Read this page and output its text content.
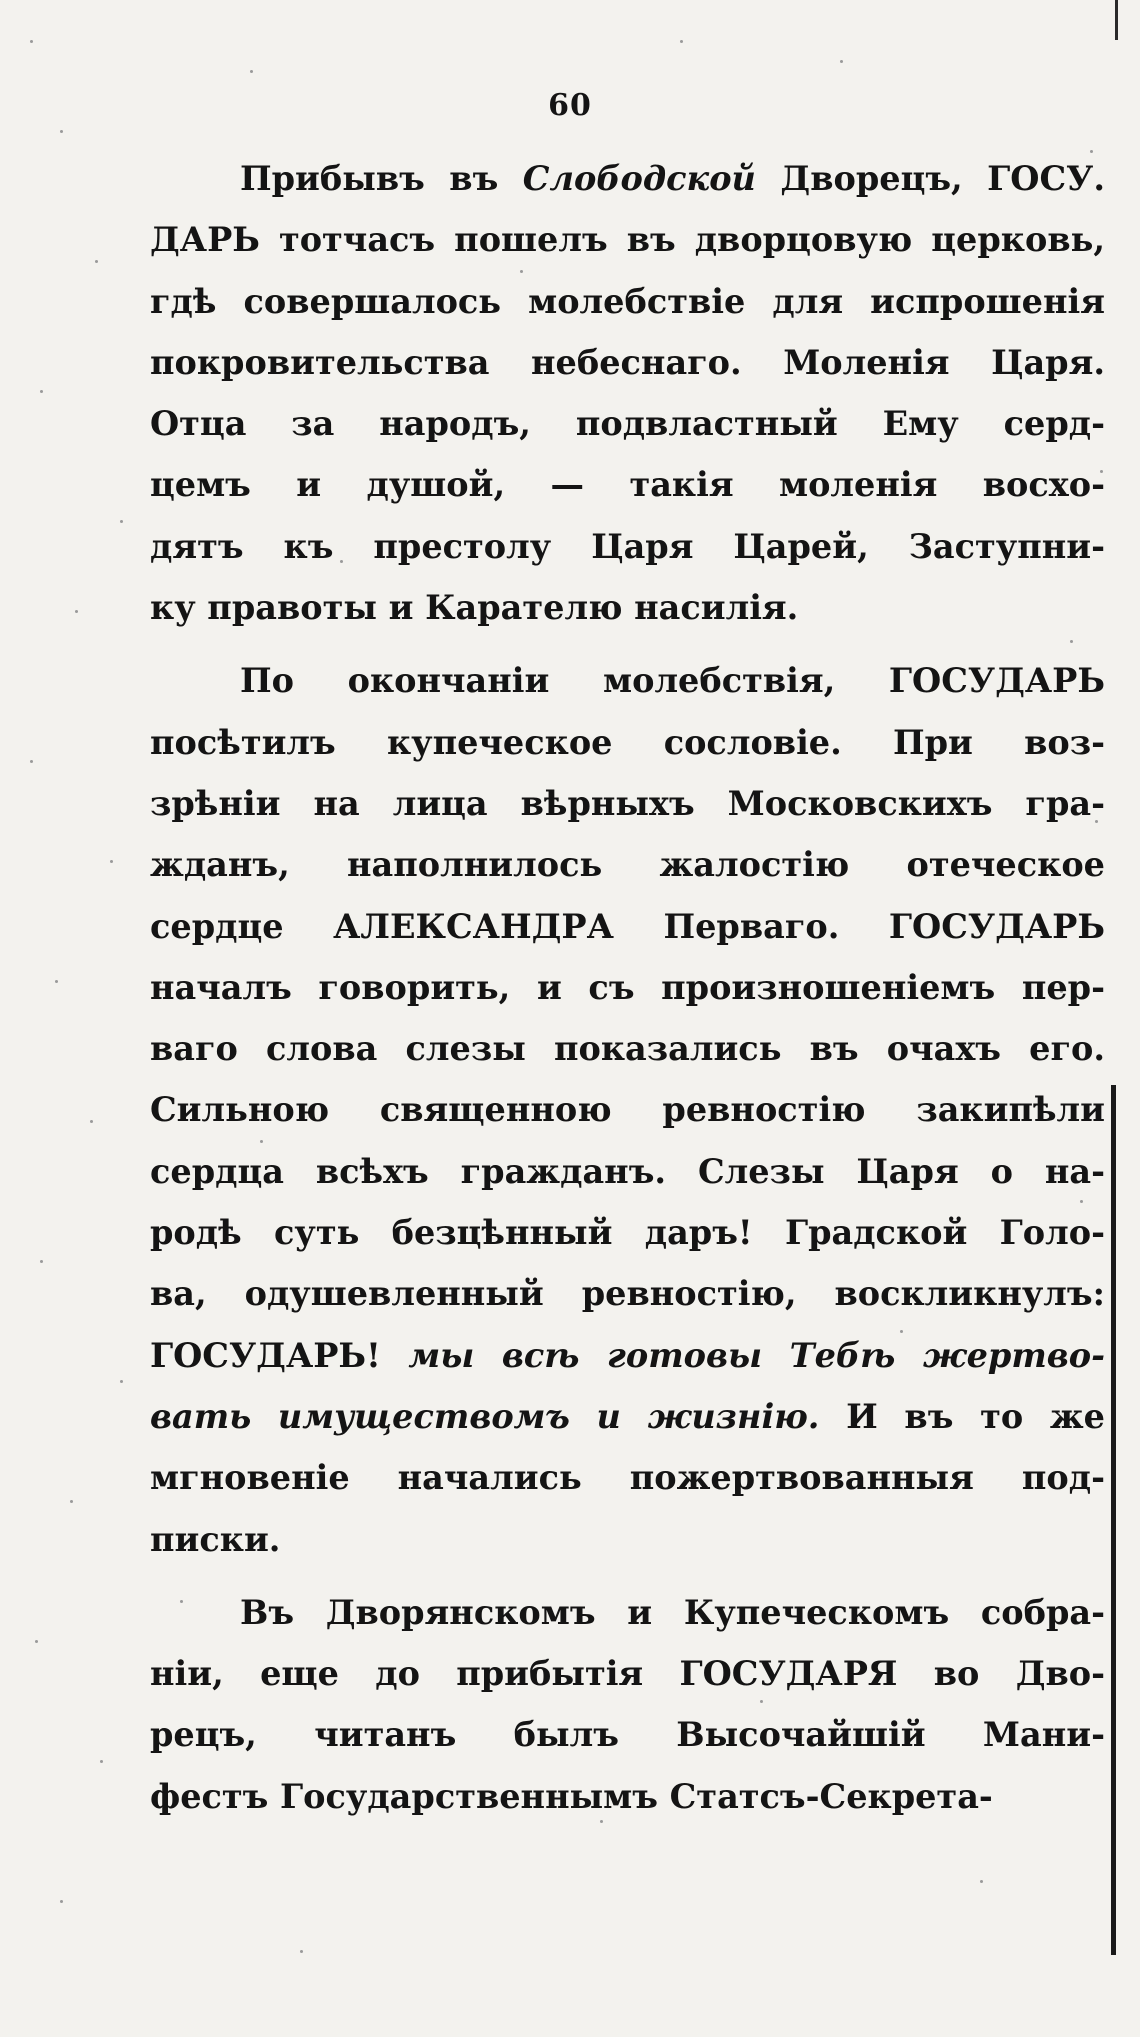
60
Прибывъ въ Слободской Дворецъ, ГОСУ.
ДАРЬ тотчасъ пошелъ въ дворцовую церковь,
гдѣ совершалось молебствіе для испрошенія
покровительства небеснаго. Моленія Царя.
Отца за народъ, подвластный Ему серд-
цемъ и душой, — такія моленія восхо-
дятъ къ престолу Царя Царей, Заступни-
ку правоты и Карателю насилія.
По окончаніи молебствія, ГОСУДАРЬ
посѣтилъ купеческое сословіе. При воз-
зрѣніи на лица вѣрныхъ Московскихъ гра-
жданъ, наполнилось жалостію отеческое
сердце АЛЕКСАНДРА Перваго. ГОСУДАРЬ
началъ говорить, и съ произношеніемъ пер-
ваго слова слезы показались въ очахъ его.
Сильною священною ревностію закипѣли
сердца всѣхъ гражданъ. Слезы Царя о на-
родѣ суть безцѣнный даръ! Градской Голо-
ва, одушевленный ревностію, воскликнулъ:
ГОСУДАРЬ! мы всѣ готовы Тебѣ жертво-
вать имуществомъ и жизнію. И въ то же
мгновеніе начались пожертвованныя под-
писки.
Въ Дворянскомъ и Купеческомъ собра-
ніи, еще до прибытія ГОСУДАРЯ во Дво-
рецъ, читанъ былъ Высочайшій Мани-
фестъ Государственнымъ Статсъ-Секрета-
